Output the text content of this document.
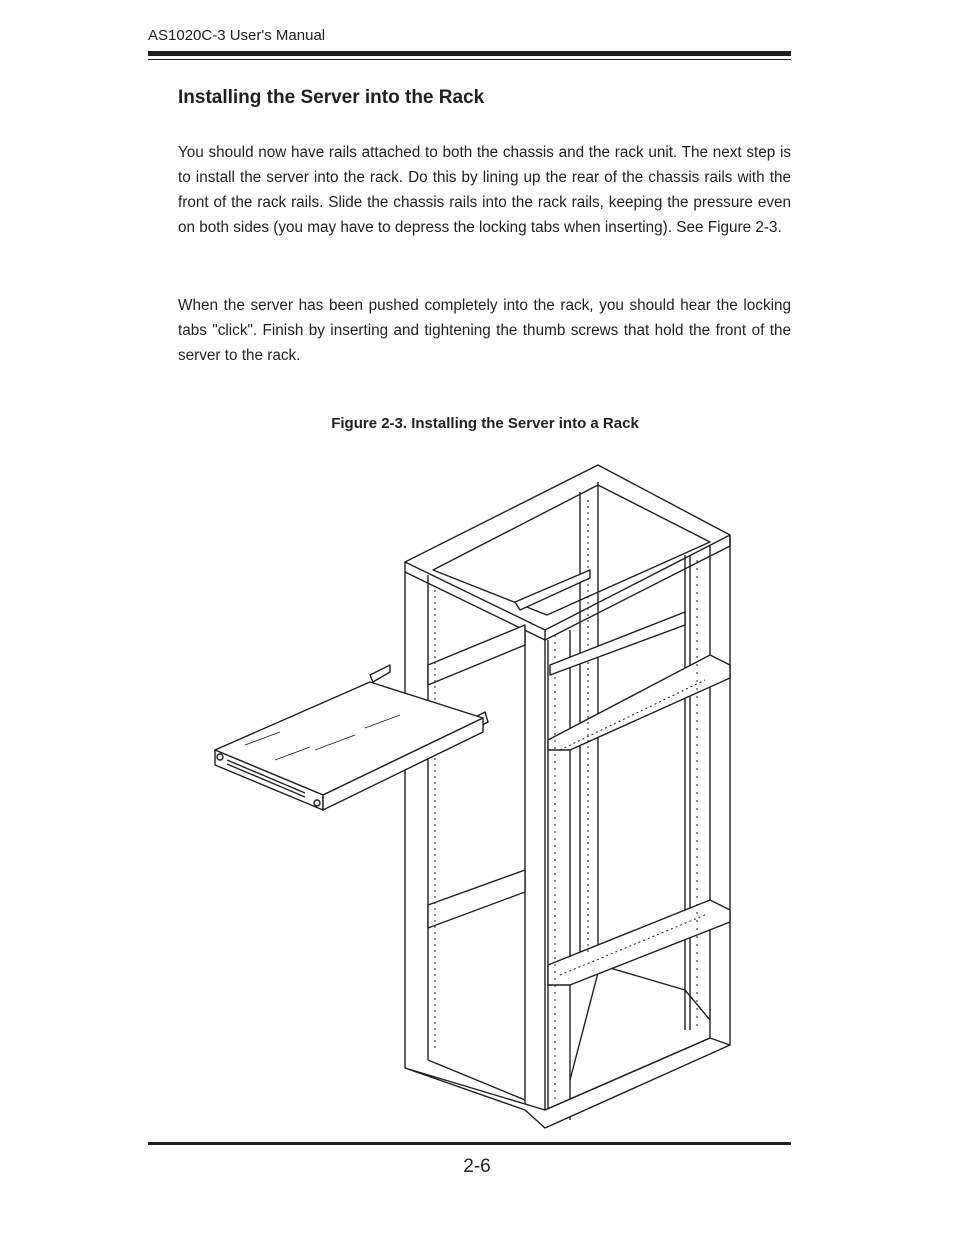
AS1020C-3 User's Manual
Installing the Server into the Rack

You should now have rails attached to both the chassis and the rack unit. The next step is to install the server into the rack. Do this by lining up the rear of the chassis rails with the front of the rack rails. Slide the chassis rails into the rack rails, keeping the pressure even on both sides (you may have to depress the locking tabs when inserting). See Figure 2-3.

When the server has been pushed completely into the rack, you should hear the locking tabs "click". Finish by inserting and tightening the thumb screws that hold the front of the server to the rack.

Figure 2-3. Installing the Server into a Rack
2-6
